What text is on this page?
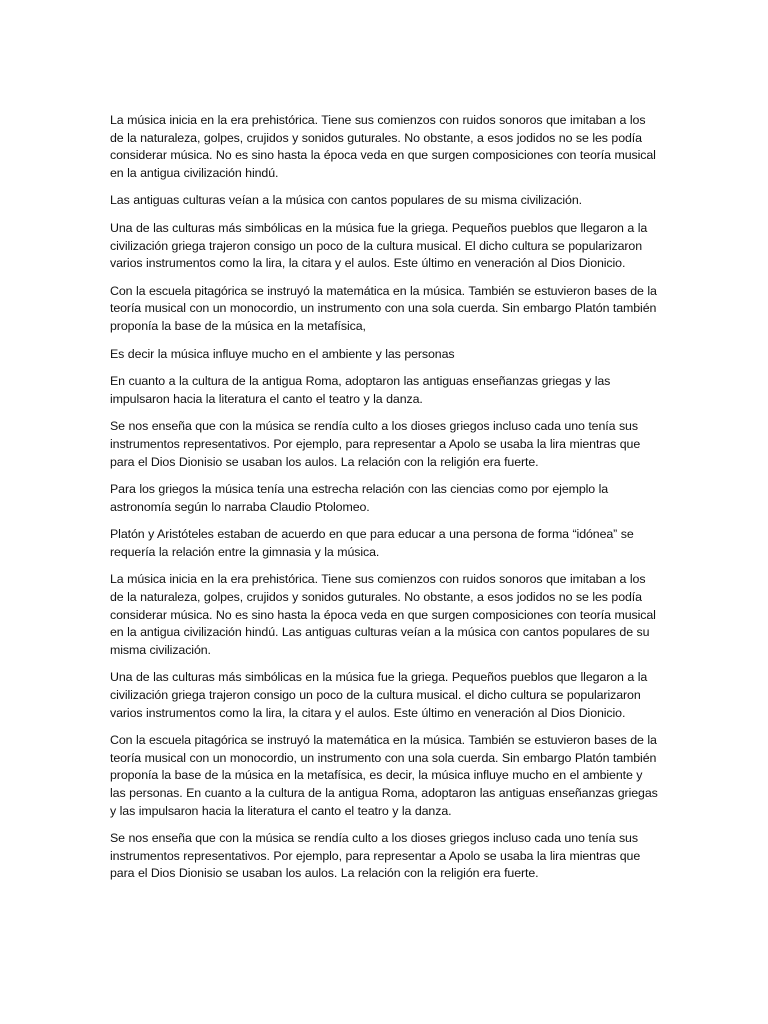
La música inicia en la era prehistórica. Tiene sus comienzos con ruidos sonoros que imitaban a los de la naturaleza, golpes, crujidos y sonidos guturales. No obstante, a esos jodidos no se les podía considerar música. No es sino hasta la época veda en que surgen composiciones con teoría musical en la antigua civilización hindú.

Las antiguas culturas veían a la música con cantos populares de su misma civilización.

Una de las culturas más simbólicas en la música fue la griega. Pequeños pueblos que llegaron a la civilización griega trajeron consigo un poco de la cultura musical. El dicho cultura se popularizaron varios instrumentos como la lira, la citara y el aulos. Este último en veneración al Dios Dionicio.

Con la escuela pitagórica se instruyó la matemática en la música. También se estuvieron bases de la teoría musical con un monocordio, un instrumento con una sola cuerda. Sin embargo Platón también proponía la base de la música en la metafísica,

Es decir la música influye mucho en el ambiente y las personas

En cuanto a la cultura de la antigua Roma, adoptaron las antiguas enseñanzas griegas y las impulsaron hacia la literatura el canto el teatro y la danza.

Se nos enseña que con la música se rendía culto a los dioses griegos incluso cada uno tenía sus instrumentos representativos. Por ejemplo, para representar a Apolo se usaba la lira mientras que para el Dios Dionisio se usaban los aulos. La relación con la religión era fuerte.

Para los griegos la música tenía una estrecha relación con las ciencias como por ejemplo la astronomía según lo narraba Claudio Ptolomeo.

Platón y Aristóteles estaban de acuerdo en que para educar a una persona de forma “idónea” se requería la relación entre la gimnasia y la música.

La música inicia en la era prehistórica. Tiene sus comienzos con ruidos sonoros que imitaban a los de la naturaleza, golpes, crujidos y sonidos guturales. No obstante, a esos jodidos no se les podía considerar música. No es sino hasta la época veda en que surgen composiciones con teoría musical en la antigua civilización hindú. Las antiguas culturas veían a la música con cantos populares de su misma civilización.

Una de las culturas más simbólicas en la música fue la griega. Pequeños pueblos que llegaron a la civilización griega trajeron consigo un poco de la cultura musical. el dicho cultura se popularizaron varios instrumentos como la lira, la citara y el aulos. Este último en veneración al Dios Dionicio.

Con la escuela pitagórica se instruyó la matemática en la música. También se estuvieron bases de la teoría musical con un monocordio, un instrumento con una sola cuerda. Sin embargo Platón también proponía la base de la música en la metafísica, es decir, la música influye mucho en el ambiente y las personas. En cuanto a la cultura de la antigua Roma, adoptaron las antiguas enseñanzas griegas y las impulsaron hacia la literatura el canto el teatro y la danza.

Se nos enseña que con la música se rendía culto a los dioses griegos incluso cada uno tenía sus instrumentos representativos. Por ejemplo, para representar a Apolo se usaba la lira mientras que para el Dios Dionisio se usaban los aulos. La relación con la religión era fuerte.
